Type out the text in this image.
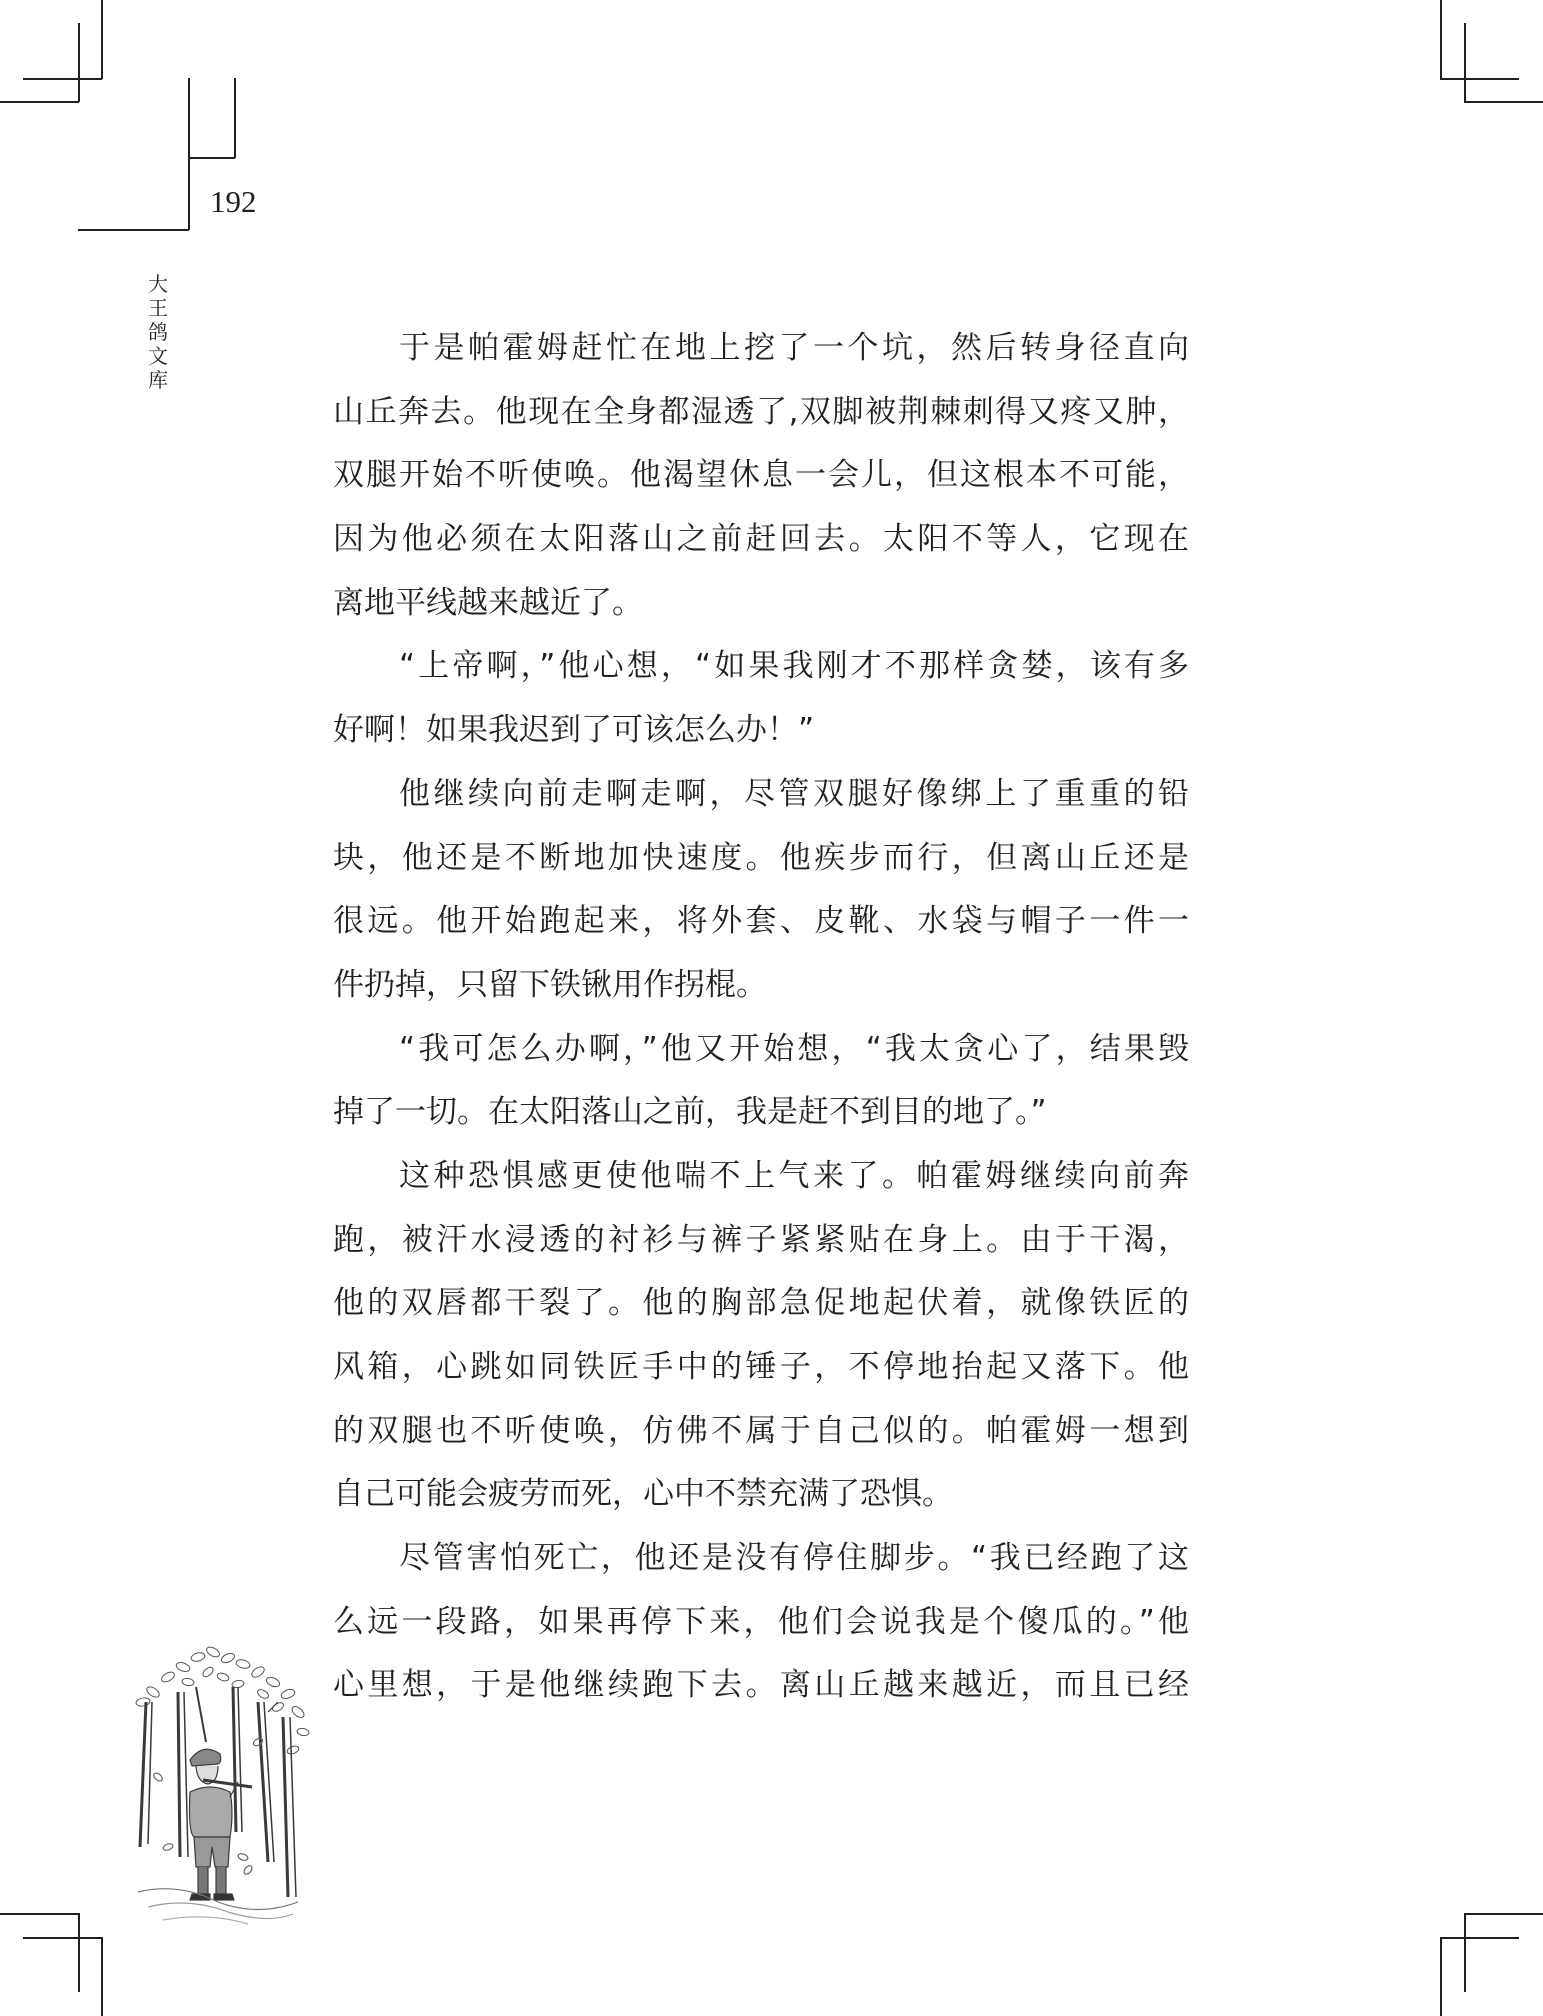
192
大
王
鸽
文
库
于是帕霍姆赶忙在地上挖了一个坑，然后转身径直向
山丘奔去。他现在全身都湿透了,双脚被荆棘刺得又疼又肿，
双腿开始不听使唤。他渴望休息一会儿，但这根本不可能，
因为他必须在太阳落山之前赶回去。太阳不等人，它现在
离地平线越来越近了。
“上帝啊，”他心想，“如果我刚才不那样贪婪，该有多
好啊！如果我迟到了可该怎么办！”
他继续向前走啊走啊，尽管双腿好像绑上了重重的铅
块，他还是不断地加快速度。他疾步而行，但离山丘还是
很远。他开始跑起来，将外套、皮靴、水袋与帽子一件一
件扔掉，只留下铁锹用作拐棍。
“我可怎么办啊，”他又开始想，“我太贪心了，结果毁
掉了一切。在太阳落山之前，我是赶不到目的地了。”
这种恐惧感更使他喘不上气来了。帕霍姆继续向前奔
跑，被汗水浸透的衬衫与裤子紧紧贴在身上。由于干渴，
他的双唇都干裂了。他的胸部急促地起伏着，就像铁匠的
风箱，心跳如同铁匠手中的锤子，不停地抬起又落下。他
的双腿也不听使唤，仿佛不属于自己似的。帕霍姆一想到
自己可能会疲劳而死，心中不禁充满了恐惧。
尽管害怕死亡，他还是没有停住脚步。“我已经跑了这
么远一段路，如果再停下来，他们会说我是个傻瓜的。”他
心里想，于是他继续跑下去。离山丘越来越近，而且已经
